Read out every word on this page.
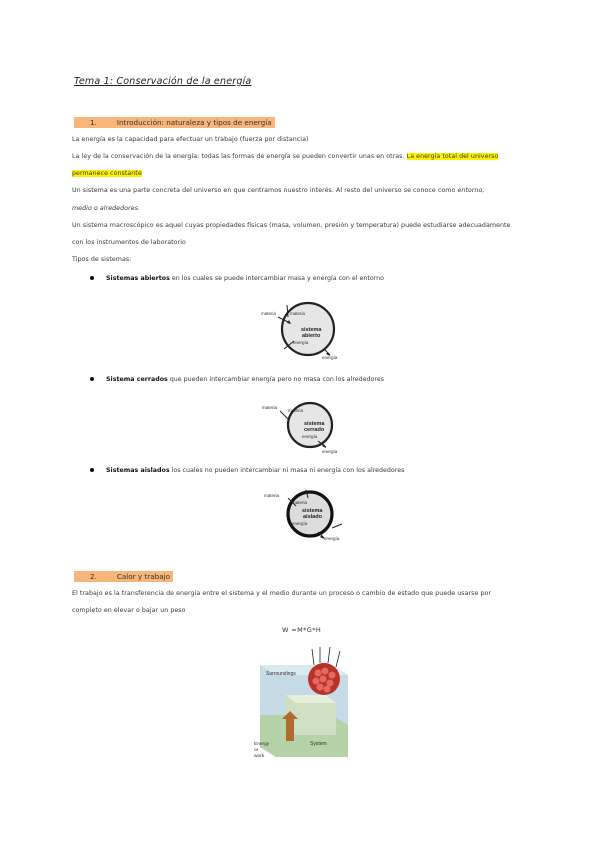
Tema 1: Conservación de la energía
1.	Introducción: naturaleza y tipos de energía
La energía es la capacidad para efectuar un trabajo (fuerza por distancia)
La ley de la conservación de la energía: todas las formas de energía se pueden convertir unas en otras. La energía total del universo
permanece constante
Un sistema es una parte concreta del universo en que centramos nuestro interés. Al resto del universo se conoce como entorno,
medio o alrededores.
Un sistema macroscópico es aquel cuyas propiedades físicas (masa, volumen, presión y temperatura) puede estudiarse adecuadamente
con los instrumentos de laboratorio
Tipos de sistemas:
Sistemas abiertos en los cuales se puede intercambiar masa y energía con el entorno
materia	materia
sistema
abierto
energía
energía
Sistema cerrados que pueden intercambiar energía pero no masa con los alrededores
materia
materia
sistema
cerrado
energía
energía
Sistemas aislados los cuales no pueden intercambiar ni masa ni energía con los alrededores
materia
materia
sistema
aislado
energía
energía
2.	Calor y trabajo
El trabajo es la transferencia de energía entre el sistema y el medio durante un proceso o cambio de estado que puede usarse por
completo en elevar o bajar un peso
W =M*G*H
Surroundings
Energy
or
work
System
